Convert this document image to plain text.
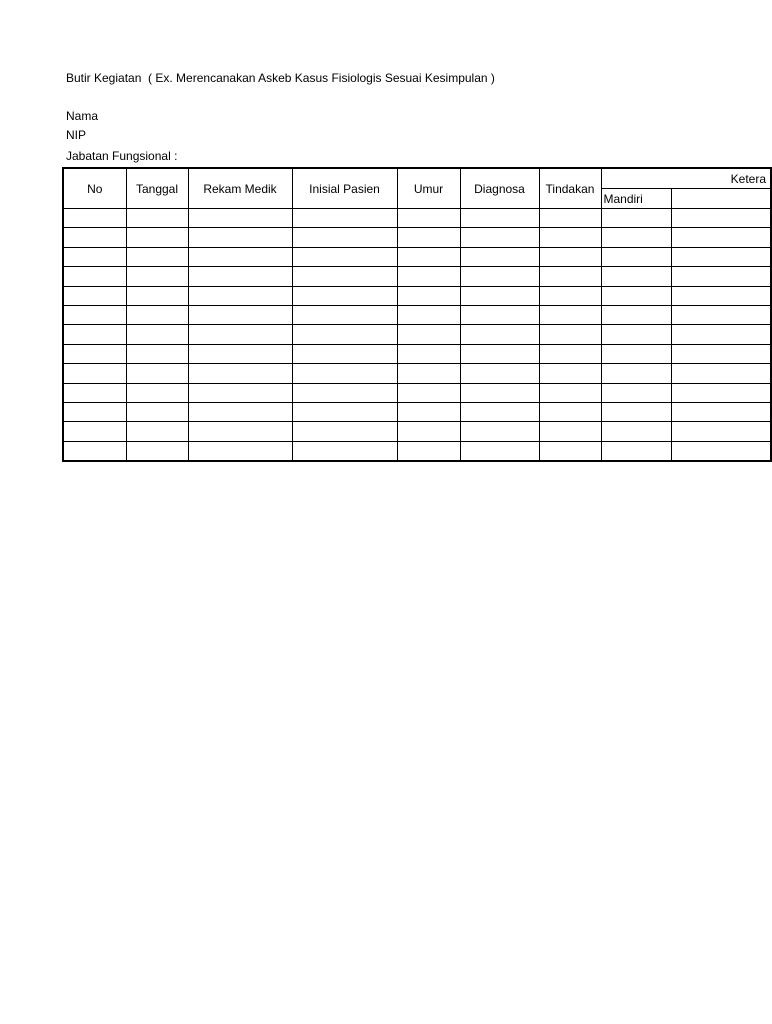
Butir Kegiatan  ( Ex. Merencanakan Askeb Kasus Fisiologis Sesuai Kesimpulan )
Nama
NIP
Jabatan Fungsional :
No	Tanggal	Rekam Medik	Inisial Pasien	Umur	Diagnosa	Tindakan	Ketera	
							Mandiri	
